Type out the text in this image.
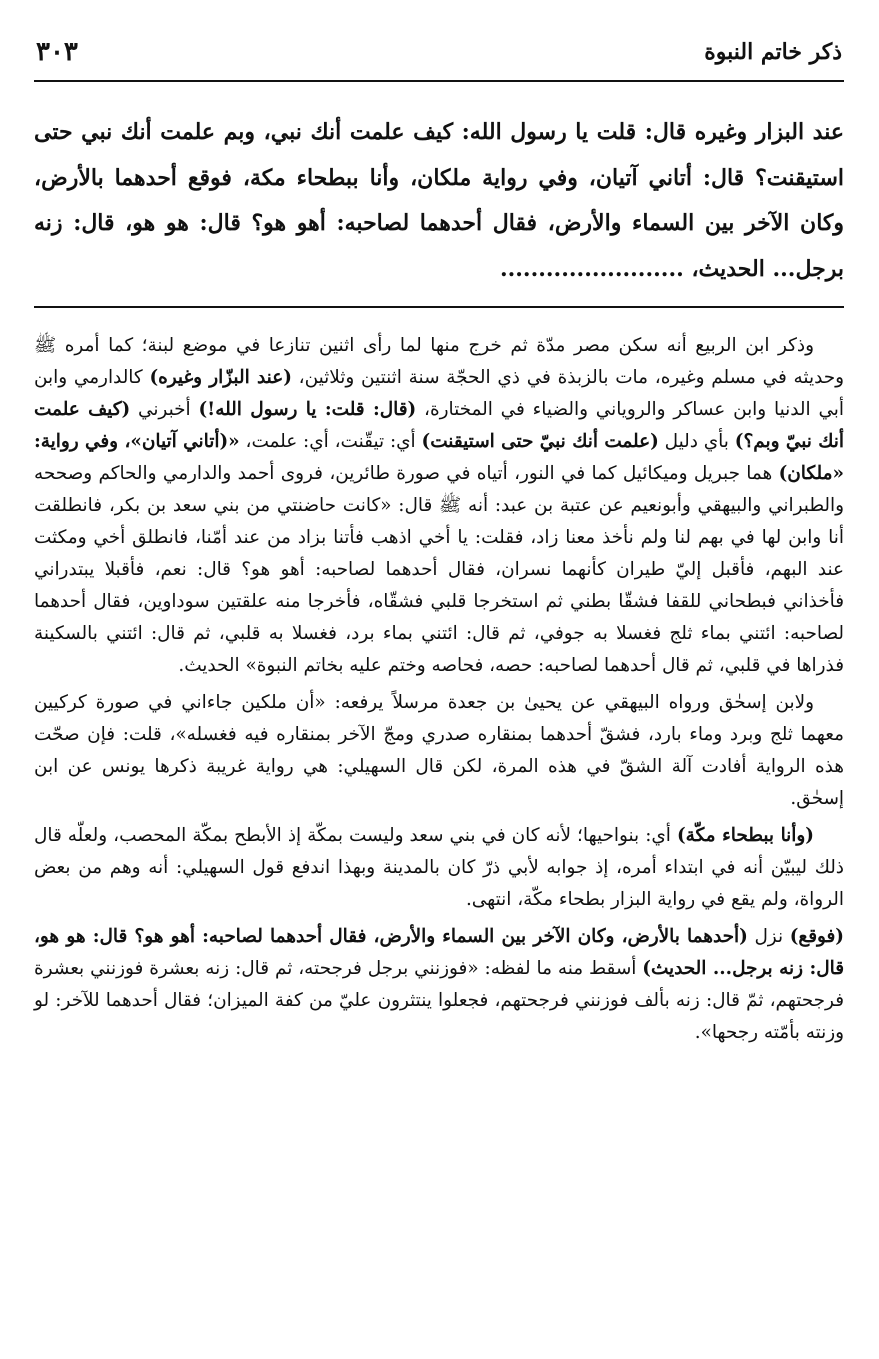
ذكر خاتم النبوة
٣٠٣
عند البزار وغيره قال: قلت يا رسول الله: كيف علمت أنك نبي، وبم علمت أنك نبي حتى استيقنت؟ قال: أتاني آتيان، وفي رواية ملكان، وأنا ببطحاء مكة، فوقع أحدهما بالأرض، وكان الآخر بين السماء والأرض، فقال أحدهما لصاحبه: أهو هو؟ قال: هو هو، قال: زنه برجل... الحديث، ........................

وذكر ابن الربيع أنه سكن مصر مدّة ثم خرج منها لما رأى اثنين تنازعا في موضع لبنة؛ كما أمره ﷺ وحديثه في مسلم وغيره، مات بالزبذة في ذي الحجّة سنة اثنتين وثلاثين، (عند البزّار وغيره) كالدارمي وابن أبي الدنيا وابن عساكر والروياني والضياء في المختارة، (قال: قلت: يا رسول الله!) أخبرني (كيف علمت أنك نبيّ وبم؟) بأي دليل (علمت أنك نبيّ حتى استيقنت) أي: تيقّنت، أي: علمت، «(أتاني آتيان»، وفي رواية: «ملكان) هما جبريل وميكائيل كما في النور، أتياه في صورة طائرين، فروى أحمد والدارمي والحاكم وصححه والطبراني والبيهقي وأبونعيم عن عتبة بن عبد: أنه ﷺ قال: «كانت حاضنتي من بني سعد بن بكر، فانطلقت أنا وابن لها في بهم لنا ولم نأخذ معنا زاد، فقلت: يا أخي اذهب فأتنا بزاد من عند أمّنا، فانطلق أخي ومكثت عند البهم، فأقبل إليّ طيران كأنهما نسران، فقال أحدهما لصاحبه: أهو هو؟ قال: نعم، فأقبلا يبتدراني فأخذاني فبطحاني للقفا فشقّا بطني ثم استخرجا قلبي فشقّاه، فأخرجا منه علقتين سوداوين، فقال أحدهما لصاحبه: ائتني بماء ثلج فغسلا به جوفي، ثم قال: ائتني بماء برد، فغسلا به قلبي، ثم قال: ائتني بالسكينة فذراها في قلبي، ثم قال أحدهما لصاحبه: حصه، فحاصه وختم عليه بخاتم النبوة» الحديث.

ولابن إسحٰق ورواه البيهقي عن يحيىٰ بن جعدة مرسلاً يرفعه: «أن ملكين جاءاني في صورة كركيين معهما ثلج وبرد وماء بارد، فشقّ أحدهما بمنقاره صدري ومجّ الآخر بمنقاره فيه فغسله»، قلت: فإن صحّت هذه الرواية أفادت آلة الشقّ في هذه المرة، لكن قال السهيلي: هي رواية غريبة ذكرها يونس عن ابن إسحٰق.

(وأنا ببطحاء مكّة) أي: بنواحيها؛ لأنه كان في بني سعد وليست بمكّة إذ الأبطح بمكّة المحصب، ولعلّه قال ذلك ليبيّن أنه في ابتداء أمره، إذ جوابه لأبي ذرّ كان بالمدينة وبهذا اندفع قول السهيلي: أنه وهم من بعض الرواة، ولم يقع في رواية البزار بطحاء مكّة، انتهى.

(فوقع) نزل (أحدهما بالأرض، وكان الآخر بين السماء والأرض، فقال أحدهما لصاحبه: أهو هو؟ قال: هو هو، قال: زنه برجل... الحديث) أسقط منه ما لفظه: «فوزنني برجل فرجحته، ثم قال: زنه بعشرة فوزنني بعشرة فرجحتهم، ثمّ قال: زنه بألف فوزنني فرجحتهم، فجعلوا ينتثرون عليّ من كفة الميزان؛ فقال أحدهما للآخر: لو وزنته بأمّته رجحها».
